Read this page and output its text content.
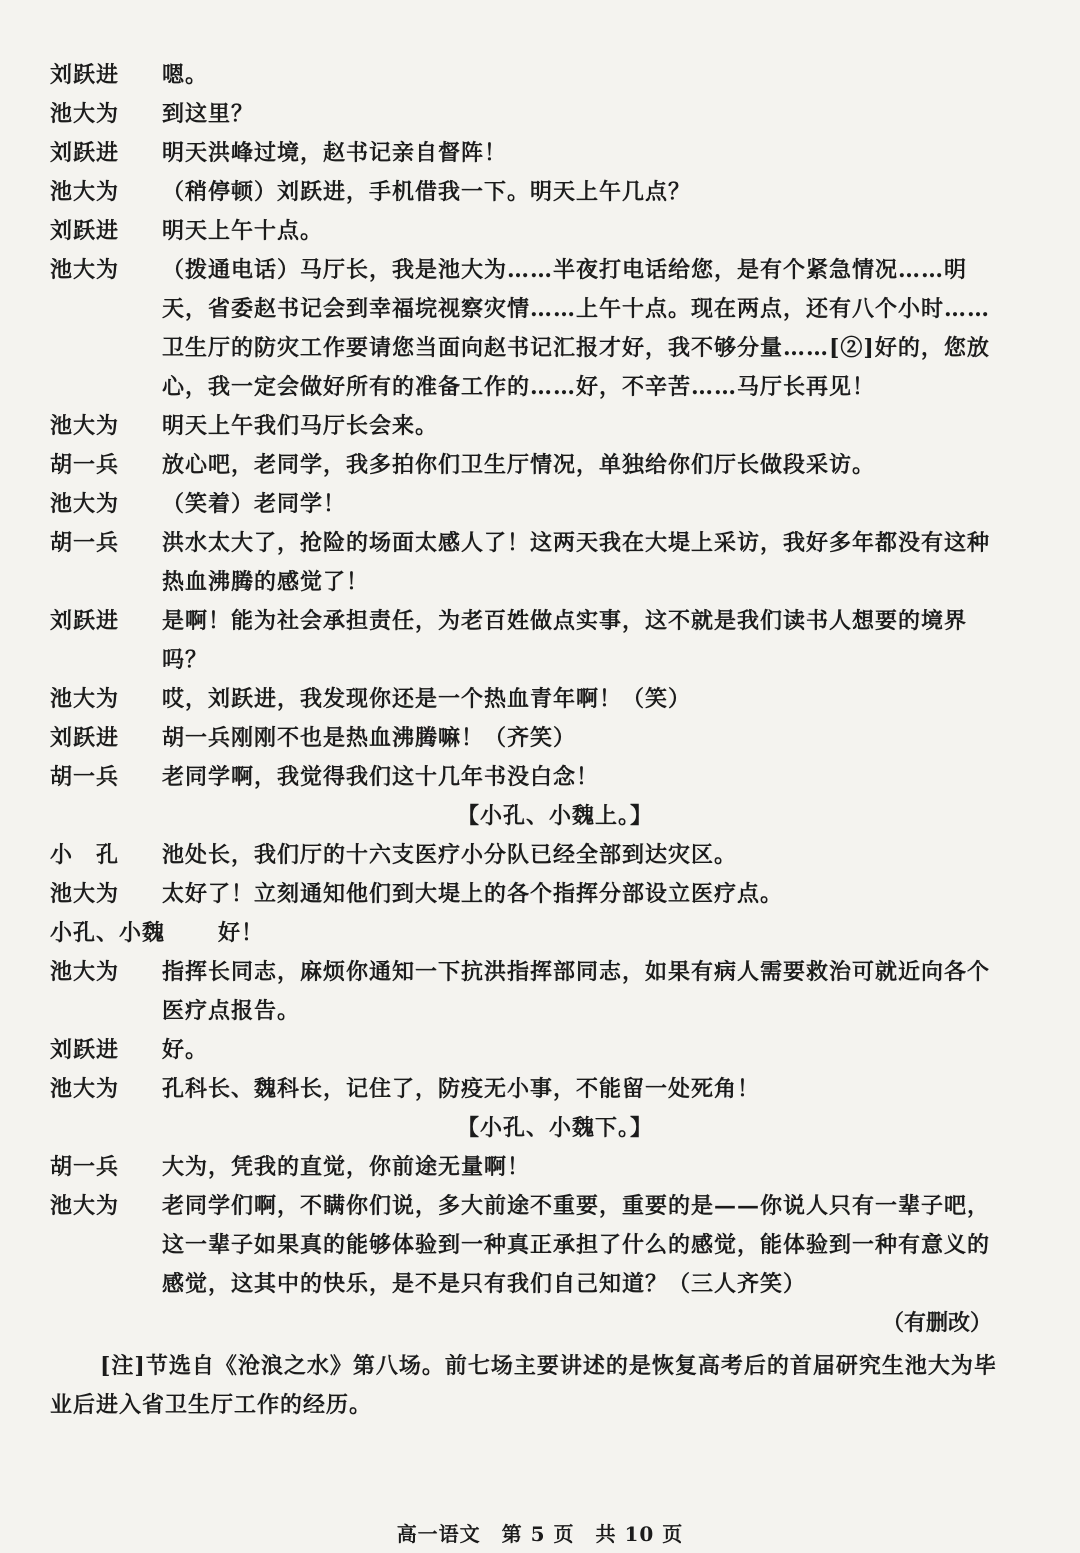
刘跃进	嗯。
池大为	到这里？
刘跃进	明天洪峰过境，赵书记亲自督阵！
池大为	（稍停顿）刘跃进，手机借我一下。明天上午几点？
刘跃进	明天上午十点。
池大为	（拨通电话）马厅长，我是池大为……半夜打电话给您，是有个紧急情况……明天，省委赵书记会到幸福垸视察灾情……上午十点。现在两点，还有八个小时……卫生厅的防灾工作要请您当面向赵书记汇报才好，我不够分量……[②]好的，您放心，我一定会做好所有的准备工作的……好，不辛苦……马厅长再见！
池大为	明天上午我们马厅长会来。
胡一兵	放心吧，老同学，我多拍你们卫生厅情况，单独给你们厅长做段采访。
池大为	（笑着）老同学！
胡一兵	洪水太大了，抢险的场面太感人了！这两天我在大堤上采访，我好多年都没有这种热血沸腾的感觉了！
刘跃进	是啊！能为社会承担责任，为老百姓做点实事，这不就是我们读书人想要的境界吗？
池大为	哎，刘跃进，我发现你还是一个热血青年啊！（笑）
刘跃进	胡一兵刚刚不也是热血沸腾嘛！（齐笑）
胡一兵	老同学啊，我觉得我们这十几年书没白念！
【小孔、小魏上。】
小　孔	池处长，我们厅的十六支医疗小分队已经全部到达灾区。
池大为	太好了！立刻通知他们到大堤上的各个指挥分部设立医疗点。
小孔、小魏	好！
池大为	指挥长同志，麻烦你通知一下抗洪指挥部同志，如果有病人需要救治可就近向各个医疗点报告。
刘跃进	好。
池大为	孔科长、魏科长，记住了，防疫无小事，不能留一处死角！
【小孔、小魏下。】
胡一兵	大为，凭我的直觉，你前途无量啊！
池大为	老同学们啊，不瞒你们说，多大前途不重要，重要的是——你说人只有一辈子吧，这一辈子如果真的能够体验到一种真正承担了什么的感觉，能体验到一种有意义的感觉，这其中的快乐，是不是只有我们自己知道？（三人齐笑）
（有删改）
[注]节选自《沧浪之水》第八场。前七场主要讲述的是恢复高考后的首届研究生池大为毕业后进入省卫生厅工作的经历。
高一语文　第 5 页　共 10 页
